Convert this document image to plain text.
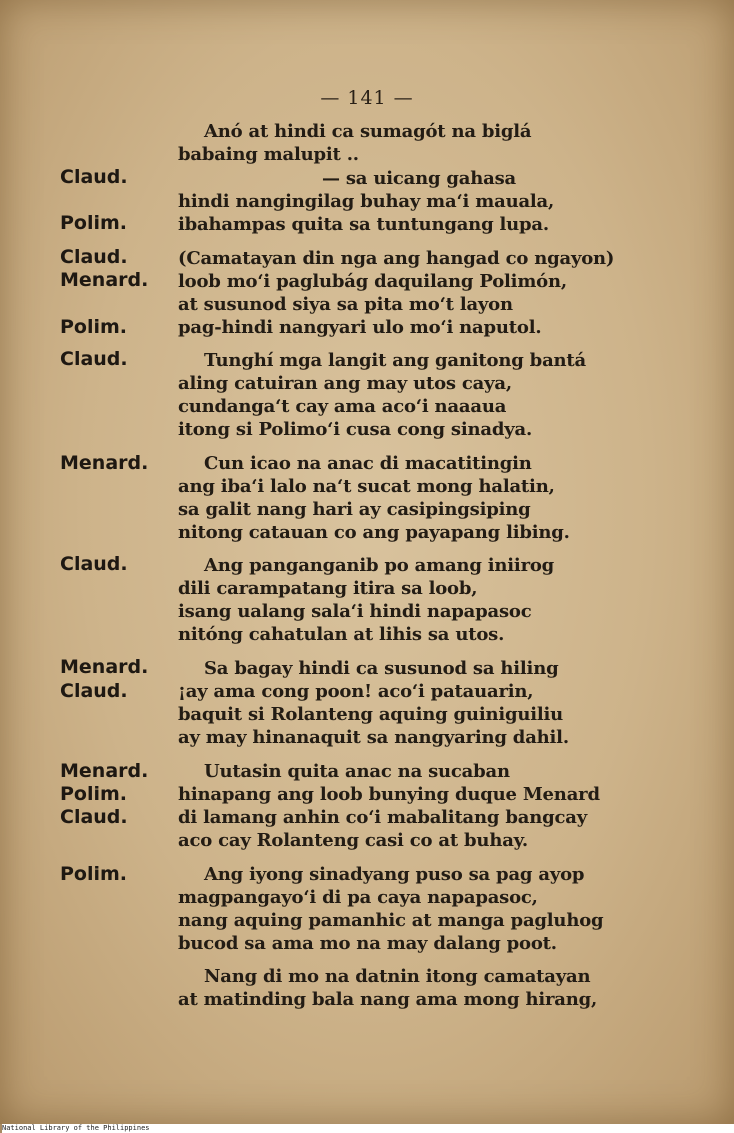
— 141 —
Claud.
Polim.
Claud.
Menard.
Polim.
Claud.
Menard.
Claud.
Menard.
Claud.
Menard.
Polim.
Claud.
Polim.
Anó at hindi ca sumagót na biglá
babaing malupit ..
— sa uicang gahasa
hindi nangingilag buhay ma‘i mauala,
ibahampas quita sa tuntungang lupa.
(Camatayan din nga ang hangad co ngayon)
loob mo‘i paglubág daquilang Polimón,
at susunod siya sa pita mo‘t layon
pag-hindi nangyari ulo mo‘i naputol.
Tunghí mga langit ang ganitong bantá
aling catuiran ang may utos caya,
cundanga‘t cay ama aco‘i naaaua
itong si Polimo‘i cusa cong sinadya.
Cun icao na anac di macatitingin
ang iba‘i lalo na‘t sucat mong halatin,
sa galit nang hari ay casipingsiping
nitong catauan co ang payapang libing.
Ang panganganib po amang iniirog
dili carampatang itira sa loob,
isang ualang sala‘i hindi napapasoc
nitóng cahatulan at lihis sa utos.
Sa bagay hindi ca susunod sa hiling
¡ay ama cong poon! aco‘i patauarin,
baquit si Rolanteng aquing guiniguiliu
ay may hinanaquit sa nangyaring dahil.
Uutasin quita anac na sucaban
hinapang ang loob bunying duque Menard
di lamang anhin co‘i mabalitang bangcay
aco cay Rolanteng casi co at buhay.
Ang iyong sinadyang puso sa pag ayop
magpangayo‘i di pa caya napapasoc,
nang aquing pamanhic at manga pagluhog
bucod sa ama mo na may dalang poot.
Nang di mo na datnin itong camatayan
at matinding bala nang ama mong hirang,
National Library of the Philippines
